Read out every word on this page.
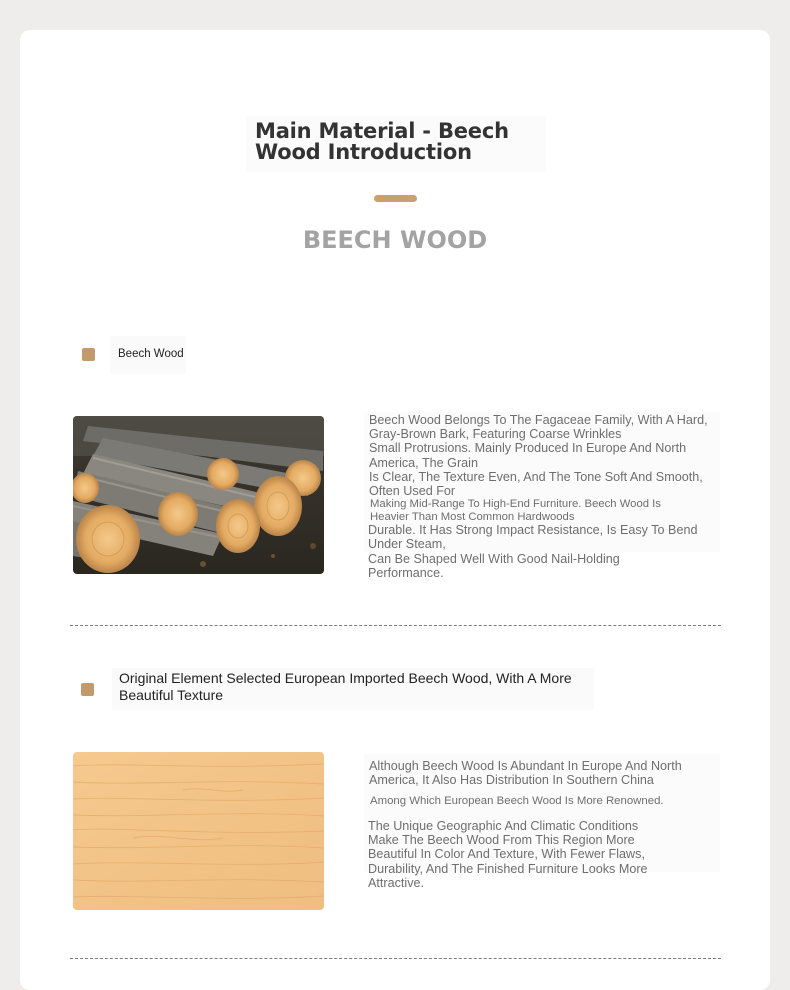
Main Material - Beech Wood Introduction
BEECH WOOD

Beech Wood

Beech Wood Belongs To The Fagaceae Family, With A Hard,
Gray-Brown Bark, Featuring Coarse Wrinkles
Small Protrusions. Mainly Produced In Europe And North
America, The Grain
Is Clear, The Texture Even, And The Tone Soft And Smooth,
Often Used For
Making Mid-Range To High-End Furniture. Beech Wood Is
Heavier Than Most Common Hardwoods
Durable. It Has Strong Impact Resistance, Is Easy To Bend
Under Steam,
Can Be Shaped Well With Good Nail-Holding
Performance.

Original Element Selected European Imported Beech Wood, With A More Beautiful Texture

Although Beech Wood Is Abundant In Europe And North America, It Also Has Distribution In Southern China

Among Which European Beech Wood Is More Renowned.

The Unique Geographic And Climatic Conditions Make The Beech Wood From This Region More Beautiful In Color And Texture, With Fewer Flaws, Durability, And The Finished Furniture Looks More Attractive.
